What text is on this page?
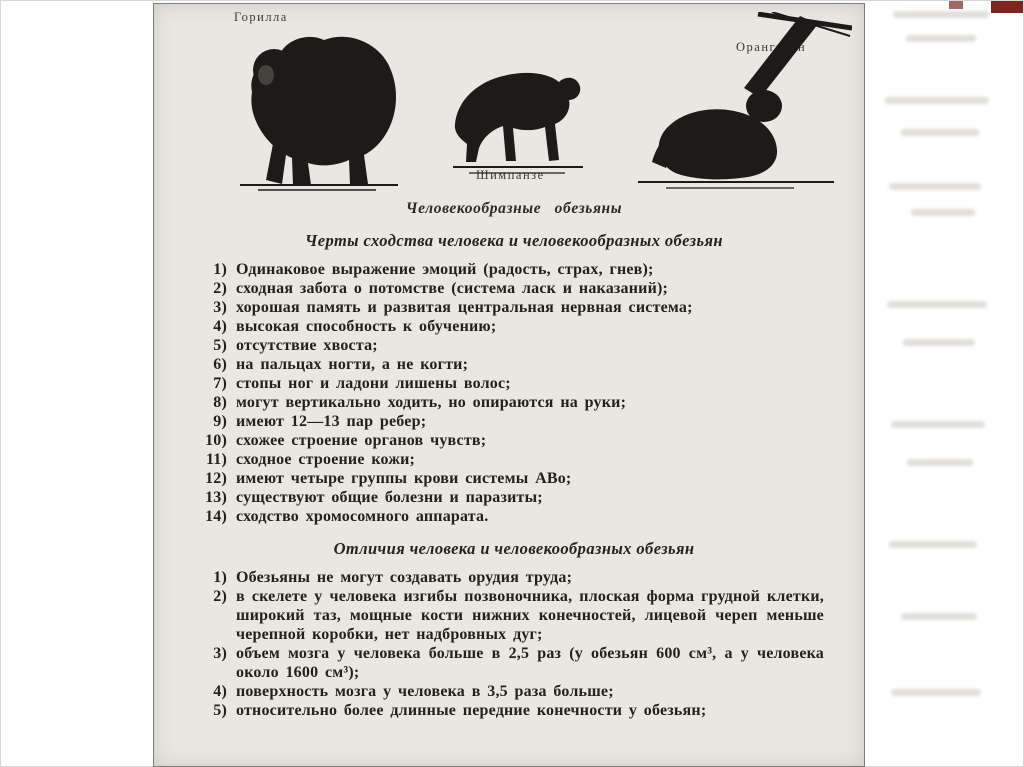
Горилла
Шимпанзе
Орангутан
Человекообразные обезьяны
Черты сходства человека и человекообразных обезьян
1) Одинаковое выражение эмоций (радость, страх, гнев);
2) сходная забота о потомстве (система ласк и наказаний);
3) хорошая память и развитая центральная нервная система;
4) высокая способность к обучению;
5) отсутствие хвоста;
6) на пальцах ногти, а не когти;
7) стопы ног и ладони лишены волос;
8) могут вертикально ходить, но опираются на руки;
9) имеют 12—13 пар ребер;
10) схожее строение органов чувств;
11) сходное строение кожи;
12) имеют четыре группы крови системы АВо;
13) существуют общие болезни и паразиты;
14) сходство хромосомного аппарата.
Отличия человека и человекообразных обезьян
1) Обезьяны не могут создавать орудия труда;
2) в скелете у человека изгибы позвоночника, плоская форма грудной клетки, широкий таз, мощные кости нижних конечностей, лицевой череп меньше черепной коробки, нет надбровных дуг;
3) объем мозга у человека больше в 2,5 раз (у обезьян 600 см³, а у человека около 1600 см³);
4) поверхность мозга у человека в 3,5 раза больше;
5) относительно более длинные передние конечности у обезьян;
